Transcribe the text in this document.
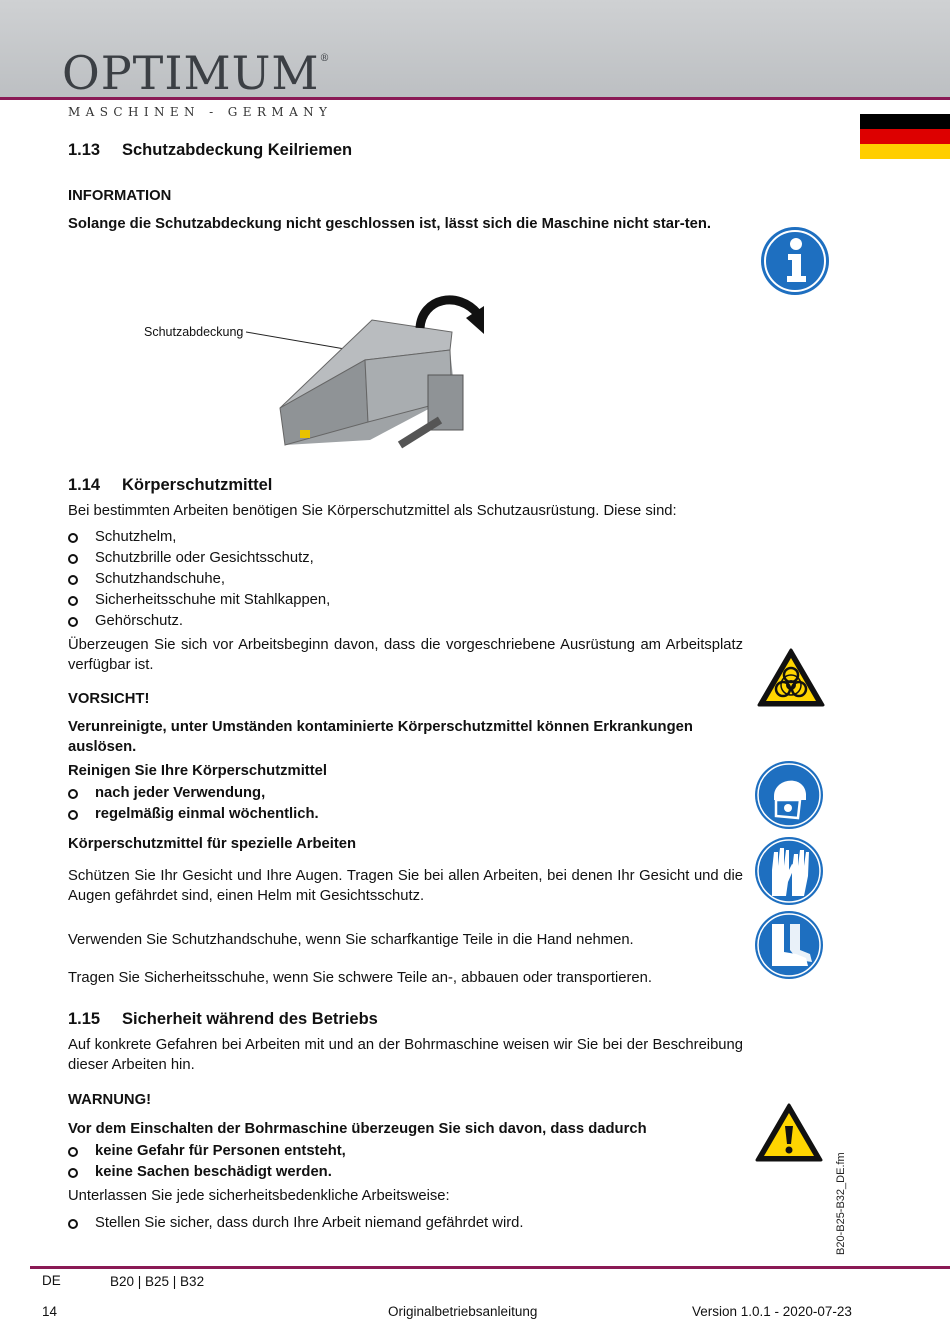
OPTIMUM®
MASCHINEN - GERMANY
1.13 Schutzabdeckung Keilriemen
INFORMATION
Solange die Schutzabdeckung nicht geschlossen ist, lässt sich die Maschine nicht star-ten.
Schutzabdeckung
1.14 Körperschutzmittel
Bei bestimmten Arbeiten benötigen Sie Körperschutzmittel als Schutzausrüstung. Diese sind:
Schutzhelm,
Schutzbrille oder Gesichtsschutz,
Schutzhandschuhe,
Sicherheitsschuhe mit Stahlkappen,
Gehörschutz.
Überzeugen Sie sich vor Arbeitsbeginn davon, dass die vorgeschriebene Ausrüstung am Arbeitsplatz verfügbar ist.
VORSICHT!
Verunreinigte, unter Umständen kontaminierte Körperschutzmittel können Erkrankungen auslösen.
Reinigen Sie Ihre Körperschutzmittel
nach jeder Verwendung,
regelmäßig einmal wöchentlich.
Körperschutzmittel für spezielle Arbeiten
Schützen Sie Ihr Gesicht und Ihre Augen. Tragen Sie bei allen Arbeiten, bei denen Ihr Gesicht und die Augen gefährdet sind, einen Helm mit Gesichtsschutz.
Verwenden Sie Schutzhandschuhe, wenn Sie scharfkantige Teile in die Hand nehmen.
Tragen Sie Sicherheitsschuhe, wenn Sie schwere Teile an-, abbauen oder transportieren.
1.15 Sicherheit während des Betriebs
Auf konkrete Gefahren bei Arbeiten mit und an der Bohrmaschine weisen wir Sie bei der Beschreibung dieser Arbeiten hin.
WARNUNG!
Vor dem Einschalten der Bohrmaschine überzeugen Sie sich davon, dass dadurch
keine Gefahr für Personen entsteht,
keine Sachen beschädigt werden.
Unterlassen Sie jede sicherheitsbedenkliche Arbeitsweise:
Stellen Sie sicher, dass durch Ihre Arbeit niemand gefährdet wird.	B20-B25-B32_DE.fm
DE	B20 | B25 | B32
14	Originalbetriebsanleitung	Version 1.0.1 - 2020-07-23
